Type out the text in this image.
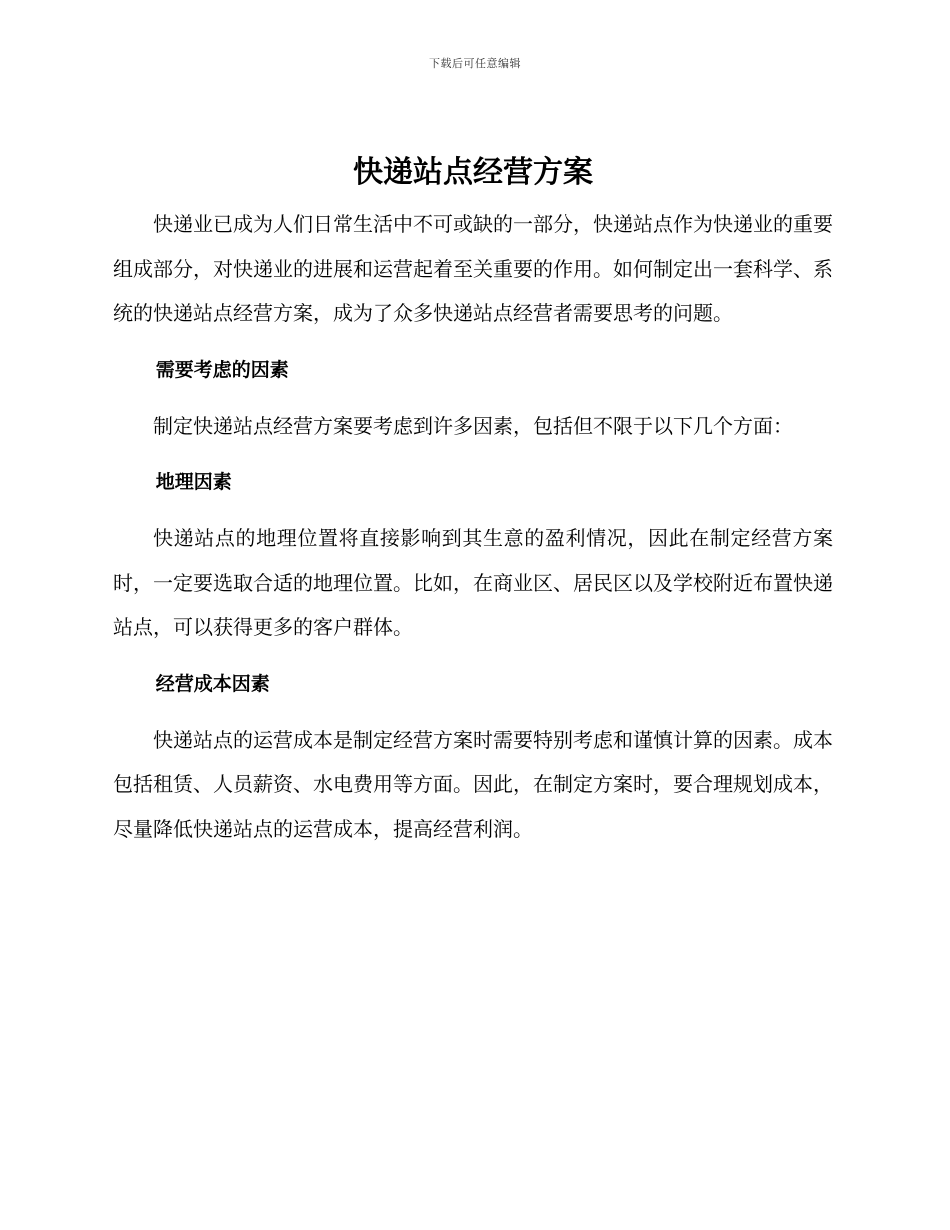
下载后可任意编辑
快递站点经营方案

快递业已成为人们日常生活中不可或缺的一部分，快递站点作为快递业的重要组成部分，对快递业的进展和运营起着至关重要的作用。如何制定出一套科学、系统的快递站点经营方案，成为了众多快递站点经营者需要思考的问题。

需要考虑的因素

制定快递站点经营方案要考虑到许多因素，包括但不限于以下几个方面：

地理因素

快递站点的地理位置将直接影响到其生意的盈利情况，因此在制定经营方案时，一定要选取合适的地理位置。比如，在商业区、居民区以及学校附近布置快递站点，可以获得更多的客户群体。

经营成本因素

快递站点的运营成本是制定经营方案时需要特别考虑和谨慎计算的因素。成本包括租赁、人员薪资、水电费用等方面。因此，在制定方案时，要合理规划成本，尽量降低快递站点的运营成本，提高经营利润。
